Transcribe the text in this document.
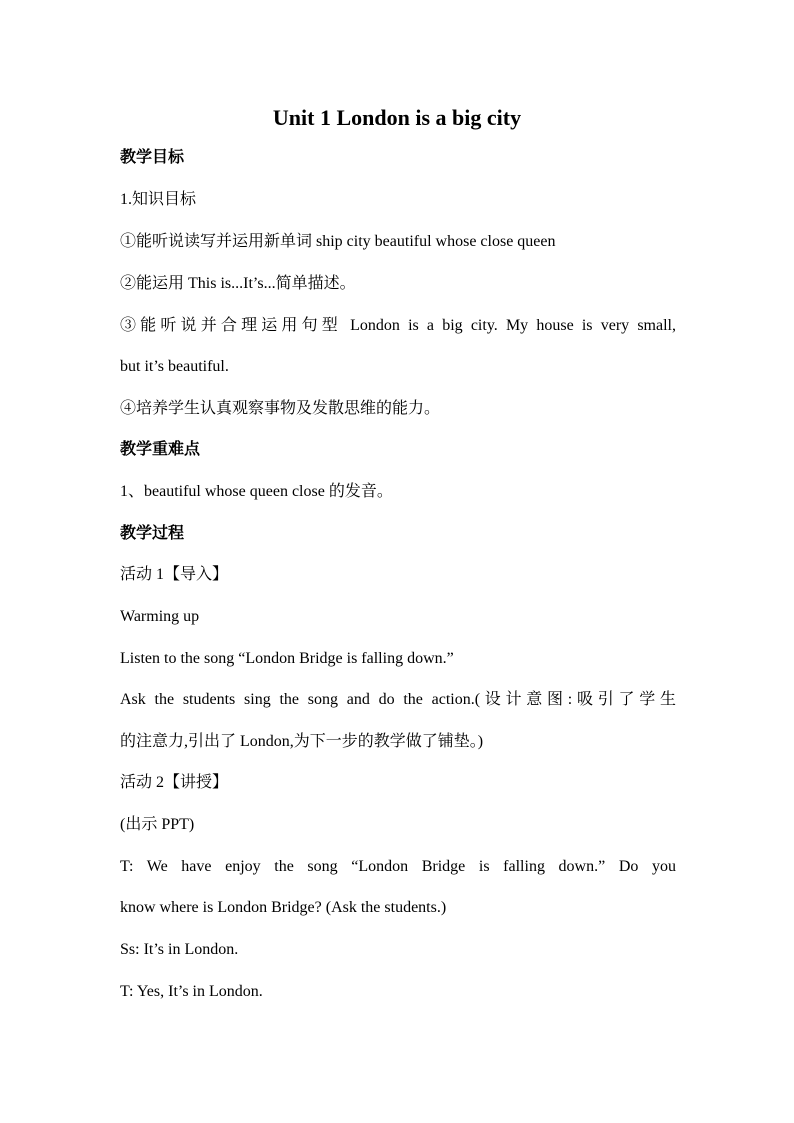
Unit 1 London is a big city
教学目标
1.知识目标
①能听说读写并运用新单词 ship city beautiful whose close queen
②能运用 This is...It’s...简单描述。
③能听说并合理运用句型 London is a big city. My house is very small,
but it’s beautiful.
④培养学生认真观察事物及发散思维的能力。
教学重难点
1、beautiful whose queen close 的发音。
教学过程
活动 1【导入】
Warming up
Listen to the song “London Bridge is falling down.”
Ask the students sing the song and do the action.(设计意图:吸引了学生
的注意力,引出了 London,为下一步的教学做了铺垫。)
活动 2【讲授】
(出示 PPT)
T: We have enjoy the song “London Bridge is falling down.” Do you
know where is London Bridge? (Ask the students.)
Ss: It’s in London.
T: Yes, It’s in London.
